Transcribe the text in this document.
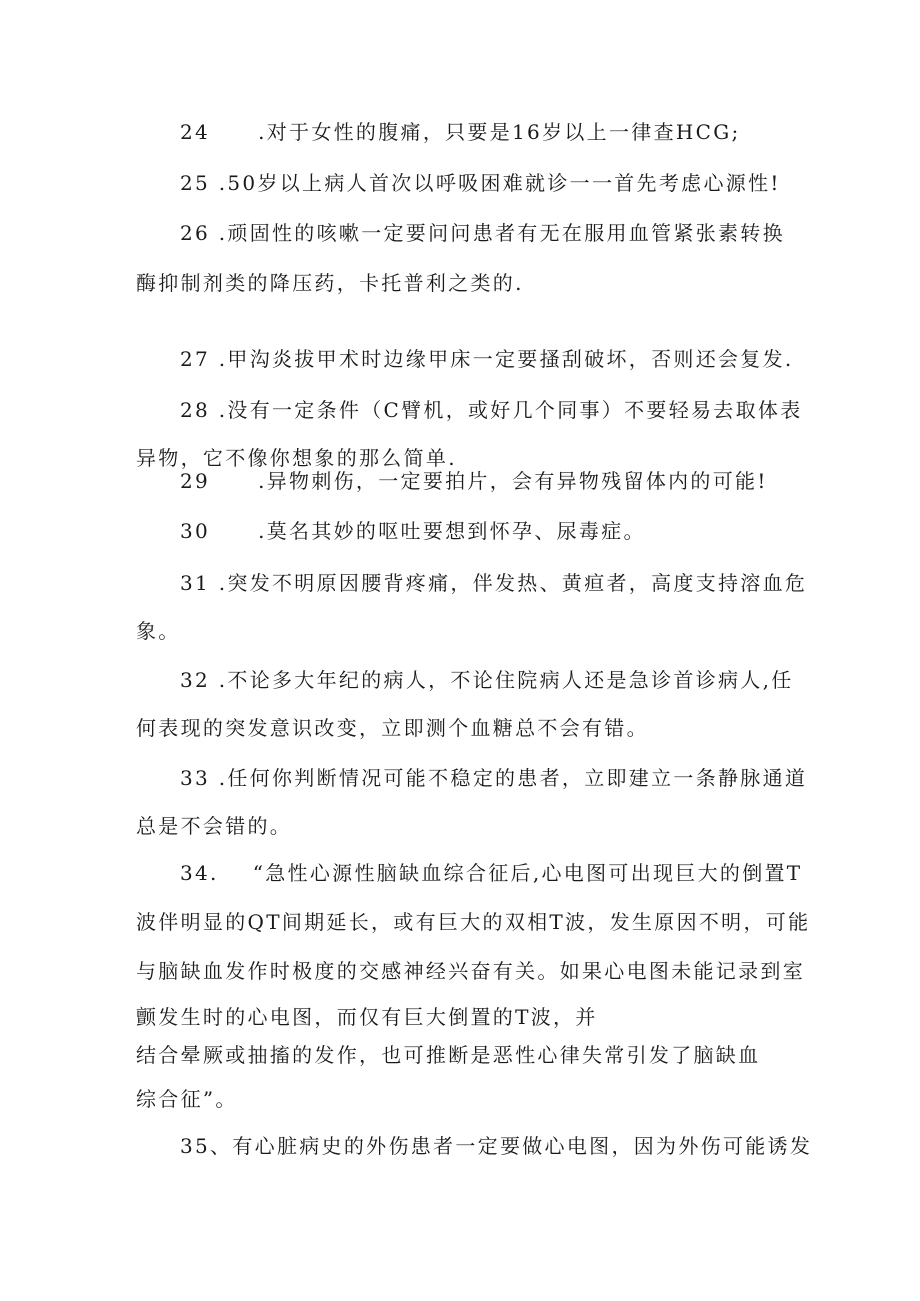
24 .对于女性的腹痛，只要是16岁以上一律查HCG;
25 .50岁以上病人首次以呼吸困难就诊一一首先考虑心源性!
26 .顽固性的咳嗽一定要问问患者有无在服用血管紧张素转换
酶抑制剂类的降压药，卡托普利之类的.
27 .甲沟炎拔甲术时边缘甲床一定要搔刮破坏，否则还会复发.
28 .没有一定条件（C臂机，或好几个同事）不要轻易去取体表
异物，它不像你想象的那么简单.
29 .异物刺伤，一定要拍片，会有异物残留体内的可能!
30 .莫名其妙的呕吐要想到怀孕、尿毒症。
31 .突发不明原因腰背疼痛，伴发热、黄疸者，高度支持溶血危
象。
32 .不论多大年纪的病人，不论住院病人还是急诊首诊病人,任
何表现的突发意识改变，立即测个血糖总不会有错。
33 .任何你判断情况可能不稳定的患者，立即建立一条静脉通道
总是不会错的。
34. “急性心源性脑缺血综合征后,心电图可出现巨大的倒置T
波伴明显的QT间期延长，或有巨大的双相T波，发生原因不明，可能
与脑缺血发作时极度的交感神经兴奋有关。如果心电图未能记录到室
颤发生时的心电图，而仅有巨大倒置的T波，并
结合晕厥或抽搐的发作，也可推断是恶性心律失常引发了脑缺血
综合征”。
35、有心脏病史的外伤患者一定要做心电图，因为外伤可能诱发
